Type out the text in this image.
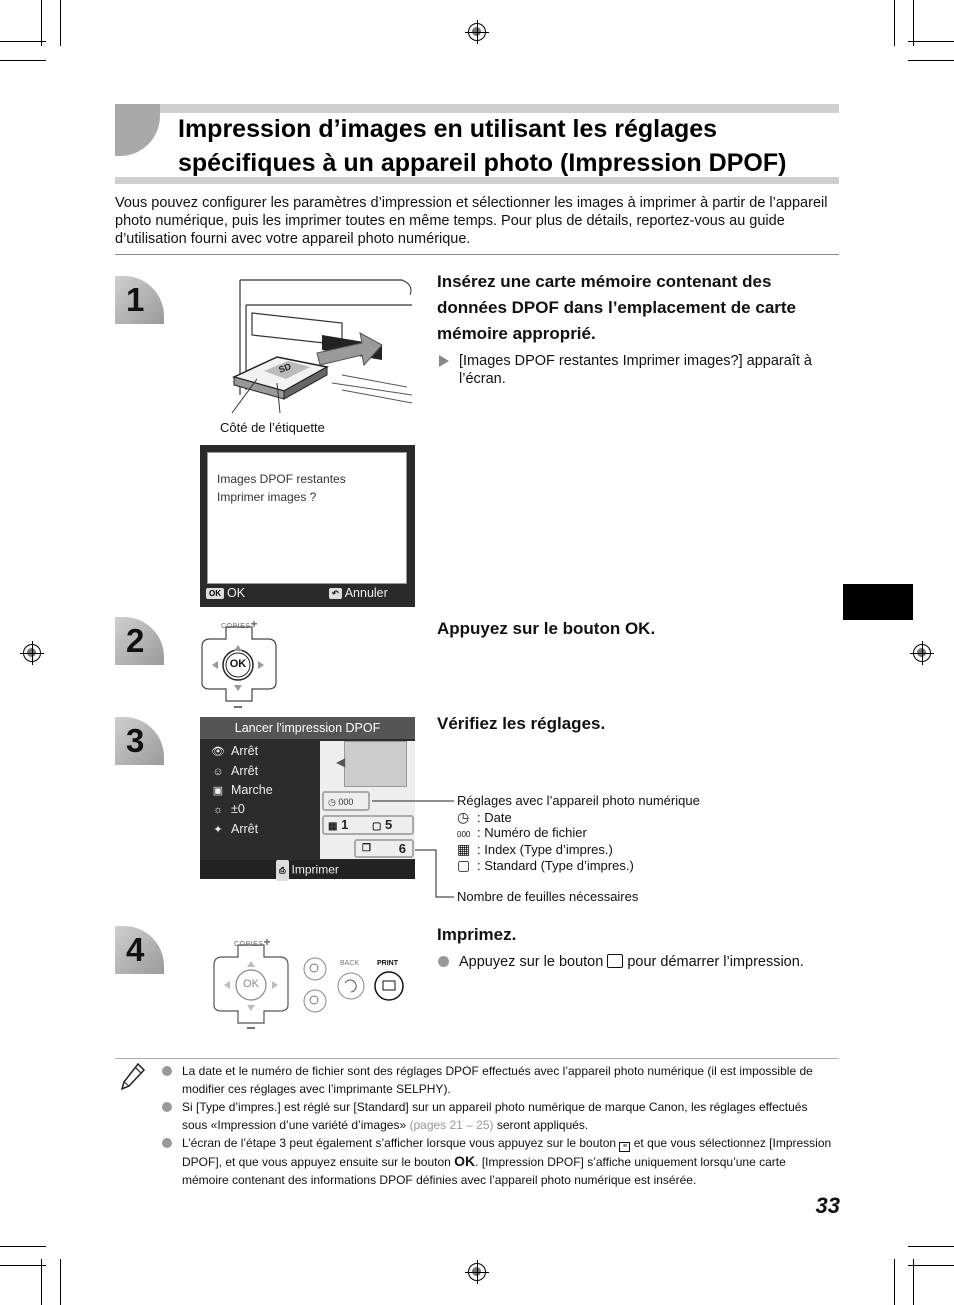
Impression d’images en utilisant les réglages
spécifiques à un appareil photo (Impression DPOF)
Vous pouvez configurer les paramètres d’impression et sélectionner les images à imprimer à partir de l’appareil photo numérique, puis les imprimer toutes en même temps. Pour plus de détails, reportez-vous au guide d’utilisation fourni avec votre appareil photo numérique.
1
SD
Côté de l’étiquette
Images DPOF restantes
Imprimer images ?
OK OK	↶ Annuler
Insérez une carte mémoire contenant des données DPOF dans l’emplacement de carte mémoire approprié.
[Images DPOF restantes Imprimer images?] apparaît à l’écran.
2	COPIES+
OK
Appuyez sur le bouton OK.
3	Lancer l'impression DPOF
👁 Arrêt
☺ Arrêt
▣ Marche
☼ ±0
✦ Arrêt
◀
◷ 000
▦ 1 ▢ 5
❐ 6
⎙ Imprimer
Vérifiez les réglages.
Réglages avec l’appareil photo numérique
◷ : Date
000 : Numéro de fichier
▦ : Index (Type d’impres.)
▢ : Standard (Type d’impres.)
Nombre de feuilles nécessaires
4	COPIES+
OK
BACK	PRINT
Imprimez.
Appuyez sur le bouton  pour démarrer l’impression.
La date et le numéro de fichier sont des réglages DPOF effectués avec l’appareil photo numérique (il est impossible de modifier ces réglages avec l’imprimante SELPHY).
Si [Type d’impres.] est réglé sur [Standard] sur un appareil photo numérique de marque Canon, les réglages effectués sous «Impression d’une variété d’images» (pages 21 – 25) seront appliqués.
L’écran de l’étape 3 peut également s’afficher lorsque vous appuyez sur le bouton ≡ et que vous sélectionnez [Impression DPOF], et que vous appuyez ensuite sur le bouton OK. [Impression DPOF] s’affiche uniquement lorsqu’une carte mémoire contenant des informations DPOF définies avec l’appareil photo numérique est insérée.
33
